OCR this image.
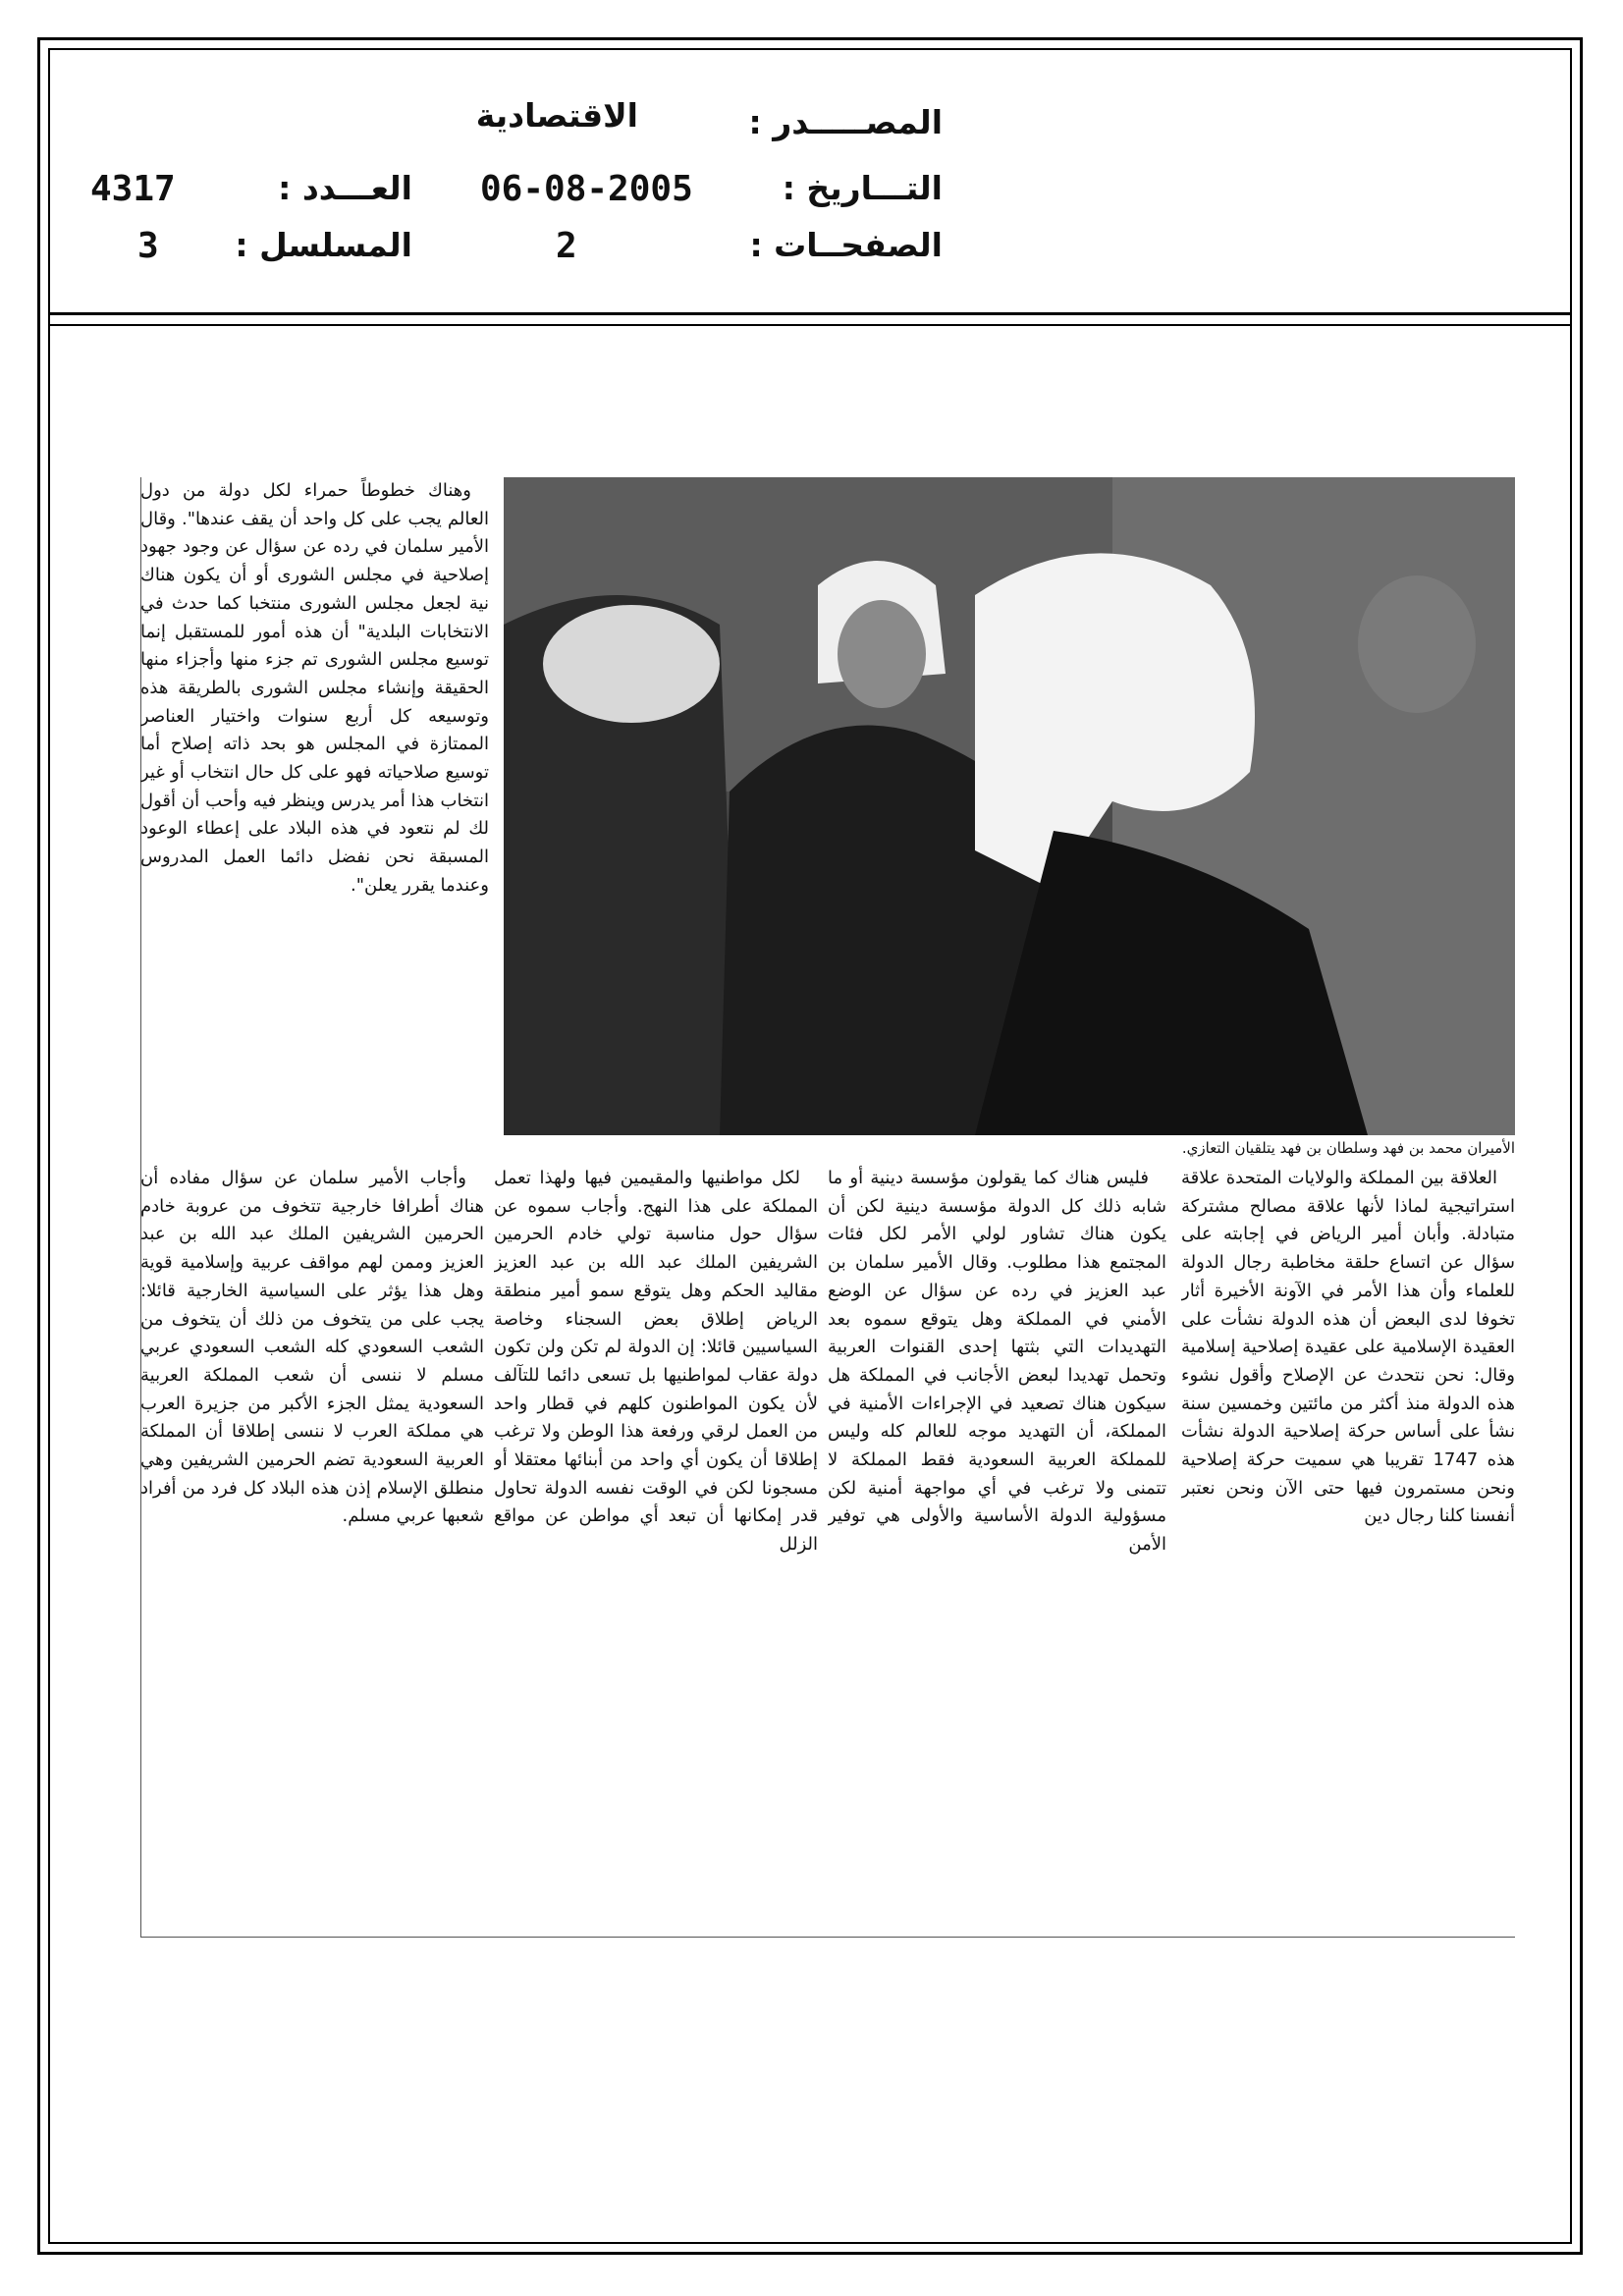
المصـــــدر :
الاقتصادية
التـــاريخ :
06-08-2005
العـــدد :
4317
الصفحــات :
2
المسلسل :
3
الأميران محمد بن فهد وسلطان بن فهد يتلقيان التعازي.

وهناك خطوطاً حمراء لكل دولة من دول العالم يجب على كل واحد أن يقف عندها". وقال الأمير سلمان في رده عن سؤال عن وجود جهود إصلاحية في مجلس الشورى أو أن يكون هناك نية لجعل مجلس الشورى منتخبا كما حدث في الانتخابات البلدية" أن هذه أمور للمستقبل إنما توسيع مجلس الشورى تم جزء منها وأجزاء منها الحقيقة وإنشاء مجلس الشورى بالطريقة هذه وتوسيعه كل أربع سنوات واختيار العناصر الممتازة في المجلس هو بحد ذاته إصلاح أما توسيع صلاحياته فهو على كل حال انتخاب أو غير انتخاب هذا أمر يدرس وينظر فيه وأحب أن أقول لك لم نتعود في هذه البلاد على إعطاء الوعود المسبقة نحن نفضل دائما العمل المدروس وعندما يقرر يعلن".

العلاقة بين المملكة والولايات المتحدة علاقة استراتيجية لماذا لأنها علاقة مصالح مشتركة متبادلة. وأبان أمير الرياض في إجابته على سؤال عن اتساع حلقة مخاطبة رجال الدولة للعلماء وأن هذا الأمر في الآونة الأخيرة أثار تخوفا لدى البعض أن هذه الدولة نشأت على العقيدة الإسلامية على عقيدة إصلاحية إسلامية وقال: نحن نتحدث عن الإصلاح وأقول نشوء هذه الدولة منذ أكثر من مائتين وخمسين سنة نشأ على أساس حركة إصلاحية الدولة نشأت هذه 1747 تقريبا هي سميت حركة إصلاحية ونحن مستمرون فيها حتى الآن ونحن نعتبر أنفسنا كلنا رجال دين

فليس هناك كما يقولون مؤسسة دينية أو ما شابه ذلك كل الدولة مؤسسة دينية لكن أن يكون هناك تشاور لولي الأمر لكل فئات المجتمع هذا مطلوب. وقال الأمير سلمان بن عبد العزيز في رده عن سؤال عن الوضع الأمني في المملكة وهل يتوقع سموه بعد التهديدات التي بثتها إحدى القنوات العربية وتحمل تهديدا لبعض الأجانب في المملكة هل سيكون هناك تصعيد في الإجراءات الأمنية في المملكة، أن التهديد موجه للعالم كله وليس للمملكة العربية السعودية فقط المملكة لا تتمنى ولا ترغب في أي مواجهة أمنية لكن مسؤولية الدولة الأساسية والأولى هي توفير الأمن

لكل مواطنيها والمقيمين فيها ولهذا تعمل المملكة على هذا النهج. وأجاب سموه عن سؤال حول مناسبة تولي خادم الحرمين الشريفين الملك عبد الله بن عبد العزيز مقاليد الحكم وهل يتوقع سمو أمير منطقة الرياض إطلاق بعض السجناء وخاصة السياسيين قائلا: إن الدولة لم تكن ولن تكون دولة عقاب لمواطنيها بل تسعى دائما للتآلف لأن يكون المواطنون كلهم في قطار واحد من العمل لرقي ورفعة هذا الوطن ولا ترغب إطلاقا أن يكون أي واحد من أبنائها معتقلا أو مسجونا لكن في الوقت نفسه الدولة تحاول قدر إمكانها أن تبعد أي مواطن عن مواقع الزلل

وأجاب الأمير سلمان عن سؤال مفاده أن هناك أطرافا خارجية تتخوف من عروبة خادم الحرمين الشريفين الملك عبد الله بن عبد العزيز وممن لهم مواقف عربية وإسلامية قوية وهل هذا يؤثر على السياسية الخارجية قائلا: يجب على من يتخوف من ذلك أن يتخوف من الشعب السعودي كله الشعب السعودي عربي مسلم لا ننسى أن شعب المملكة العربية السعودية يمثل الجزء الأكبر من جزيرة العرب هي مملكة العرب لا ننسى إطلاقا أن المملكة العربية السعودية تضم الحرمين الشريفين وهي منطلق الإسلام إذن هذه البلاد كل فرد من أفراد شعبها عربي مسلم.
